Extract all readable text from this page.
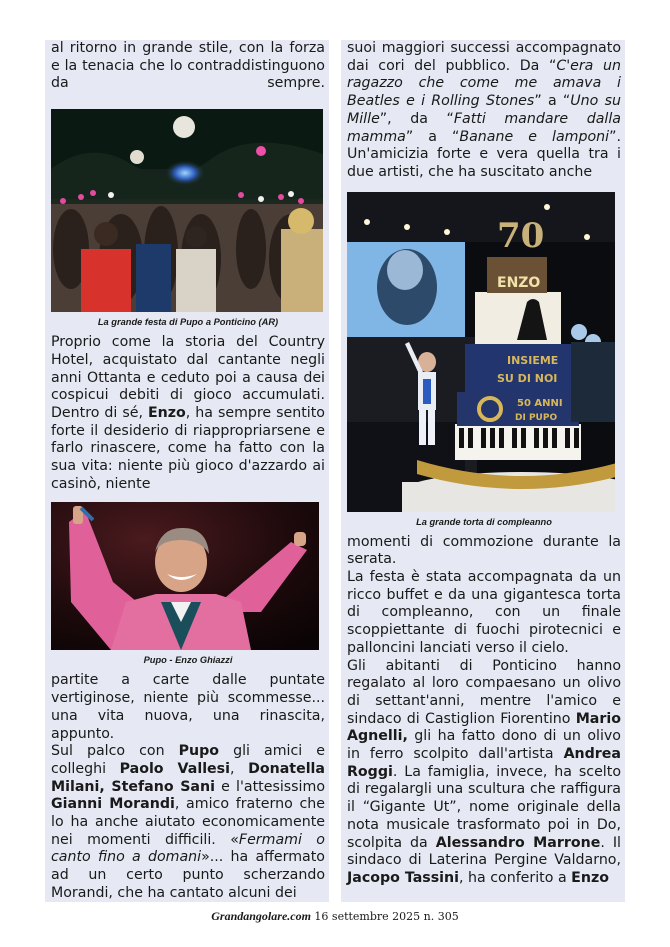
al ritorno in grande stile, con la forza e la tenacia che lo contraddistinguono da sempre.

La grande festa di Pupo a Ponticino (AR)

Proprio come la storia del Country Hotel, acquistato dal cantante negli anni Ottanta e ceduto poi a causa dei cospicui debiti di gioco accumulati. Dentro di sé, Enzo, ha sempre sentito forte il desiderio di riappropriarsene e farlo rinascere, come ha fatto con la sua vita: niente più gioco d'azzardo ai casinò, niente

Pupo - Enzo Ghiazzi

partite a carte dalle puntate vertiginose, niente più scommesse... una vita nuova, una rinascita, appunto.

Sul palco con Pupo gli amici e colleghi Paolo Vallesi, Donatella Milani, Stefano Sani e l'attesissimo Gianni Morandi, amico fraterno che lo ha anche aiutato economicamente nei momenti difficili. «Fermami o canto fino a domani»... ha affermato ad un certo punto scherzando Morandi, che ha cantato alcuni dei

suoi maggiori successi accompagnato dai cori del pubblico. Da “C'era un ragazzo che come me amava i Beatles e i Rolling Stones” a “Uno su Mille”, da “Fatti mandare dalla mamma” a “Banane e lamponi”. Un'amicizia forte e vera quella tra i due artisti, che ha suscitato anche

ENZO
70
INSIEME
SU DI NOI
50 ANNI
DI PUPO
La grande torta di compleanno

momenti di commozione durante la serata.

La festa è stata accompagnata da un ricco buffet e da una gigantesca torta di compleanno, con un finale scoppiettante di fuochi pirotecnici e palloncini lanciati verso il cielo.

Gli abitanti di Ponticino hanno regalato al loro compaesano un olivo di settant'anni, mentre l'amico e sindaco di Castiglion Fiorentino Mario Agnelli, gli ha fatto dono di un olivo in ferro scolpito dall'artista Andrea Roggi. La famiglia, invece, ha scelto di regalargli una scultura che raffigura il “Gigante Ut”, nome originale della nota musicale trasformato poi in Do, scolpita da Alessandro Marrone. Il sindaco di Laterina Pergine Valdarno, Jacopo Tassini, ha conferito a Enzo

Grandangolare.com 16 settembre 2025 n. 305
